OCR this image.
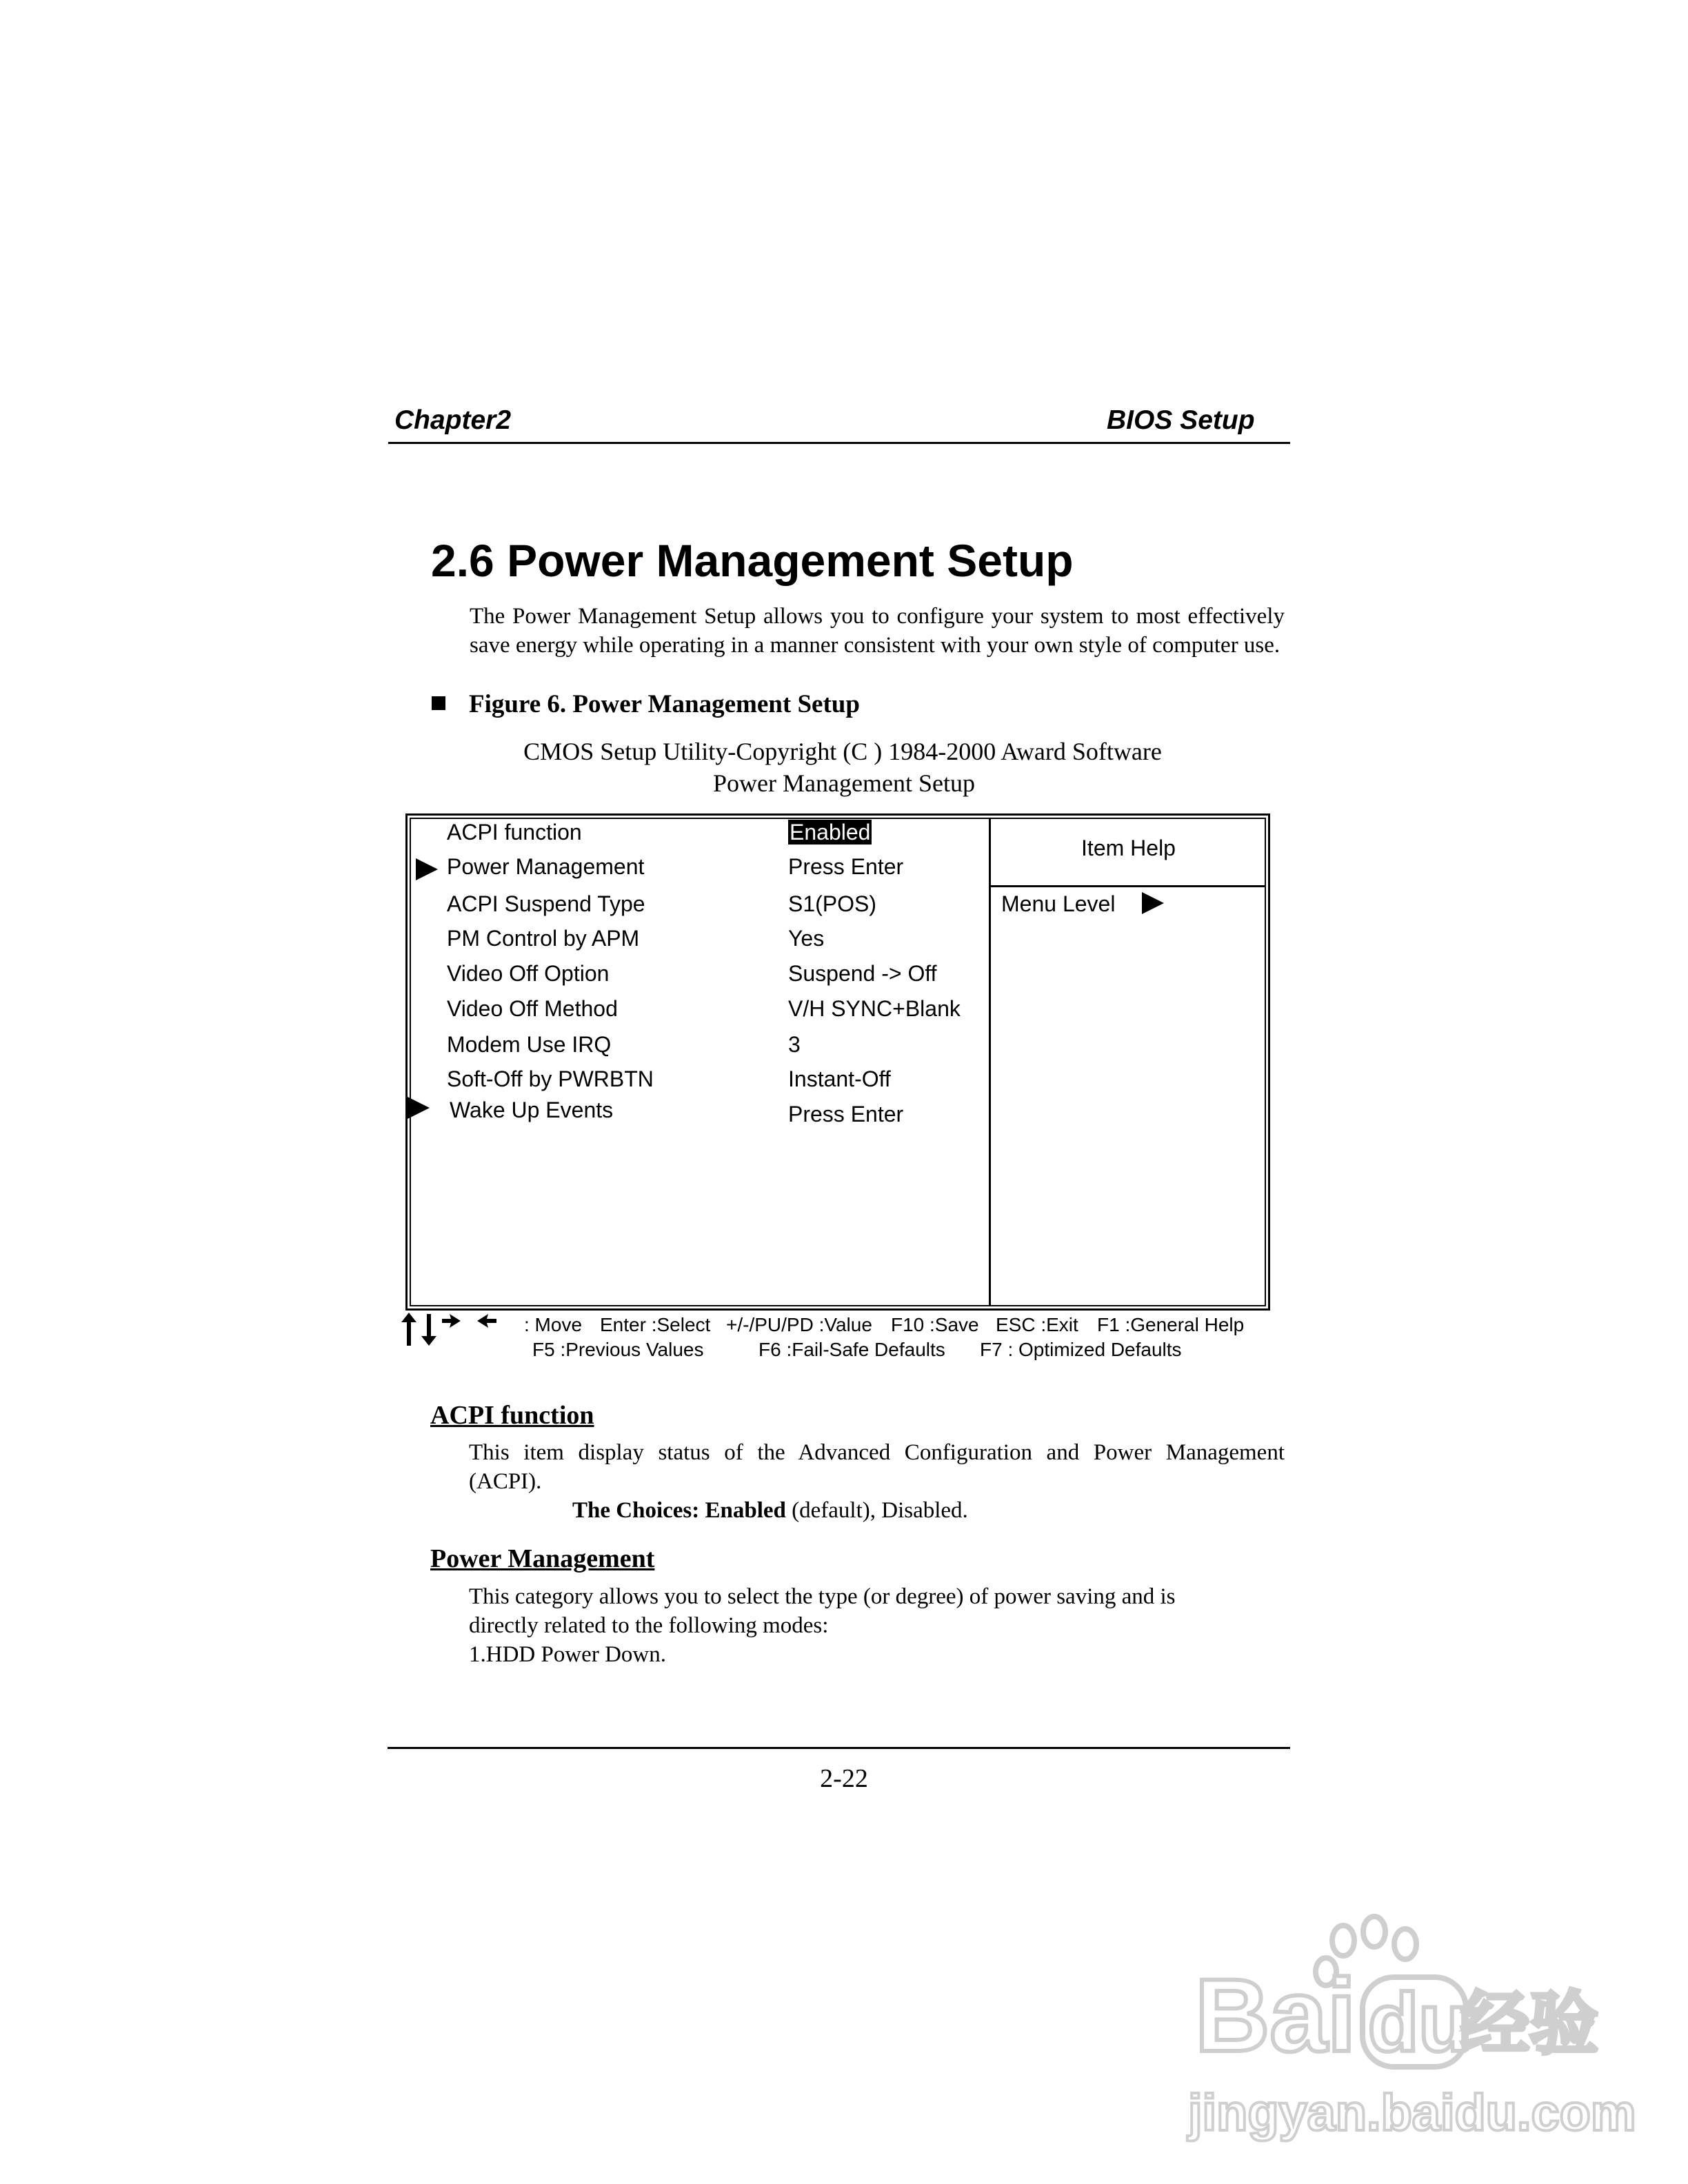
Chapter2	BIOS Setup
2.6 Power Management Setup
The Power Management Setup allows you to configure your system to most effectively save energy while operating in a manner consistent with your own style of computer use.
Figure 6. Power Management Setup
CMOS Setup Utility-Copyright (C ) 1984-2000 Award Software
Power Management Setup
ACPI function	Enabled
Power Management	Press Enter
ACPI Suspend Type	S1(POS)
PM Control by APM	Yes
Video Off Option	Suspend -> Off
Video Off Method	V/H SYNC+Blank
Modem Use IRQ	3
Soft-Off by PWRBTN	Instant-Off
Wake Up Events	Press Enter
Item Help
Menu Level
: Move Enter :Select +/-/PU/PD :Value F10 :Save ESC :Exit F1 :General Help
F5 :Previous Values	F6 :Fail-Safe Defaults F7 : Optimized Defaults
ACPI function
This item display status of the Advanced Configuration and Power Management
(ACPI).
The Choices: Enabled (default), Disabled.
Power Management
This category allows you to select the type (or degree) of power saving and is
directly related to the following modes:
1.HDD Power Down.
2-22
Bai du
经验
jingyan.baidu.com
